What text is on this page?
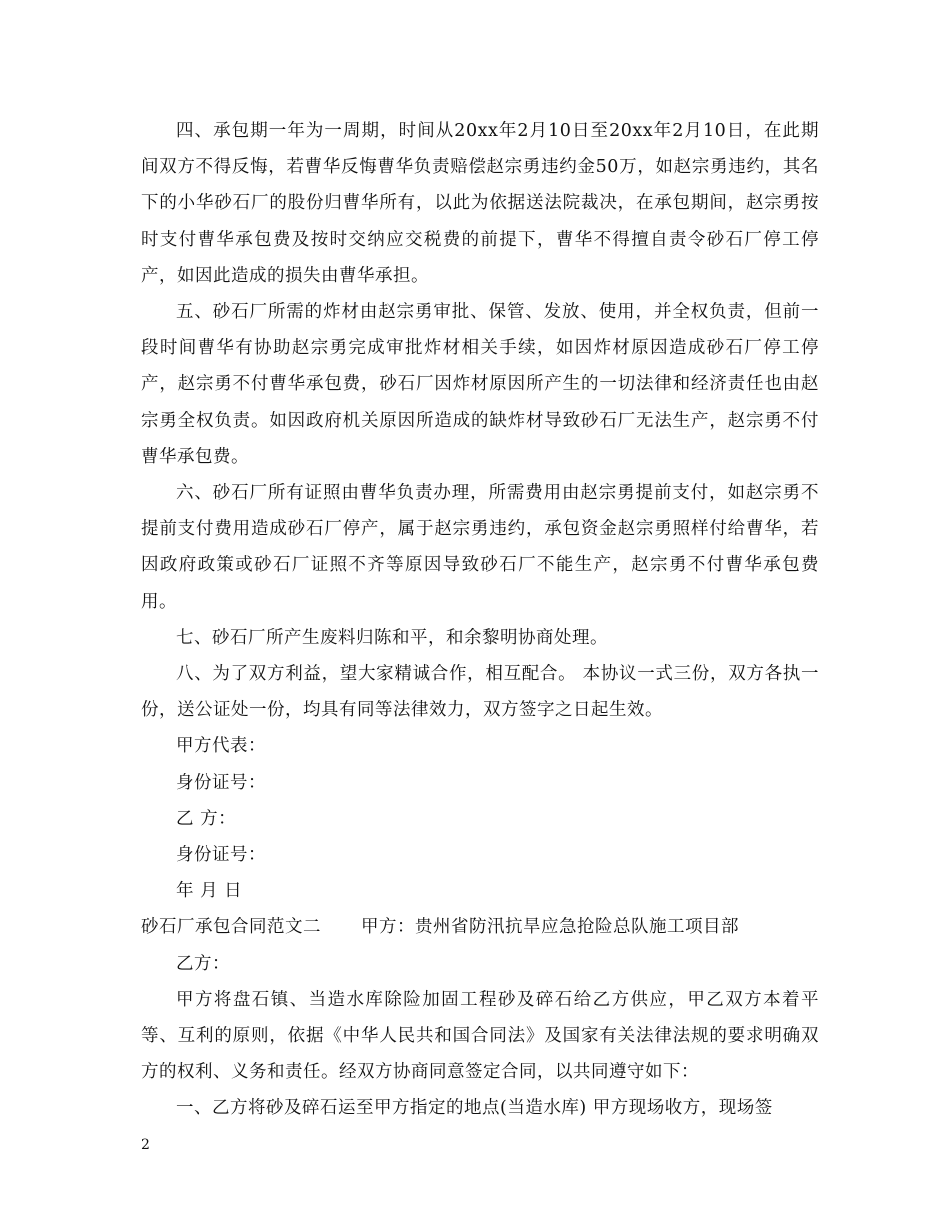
四、承包期一年为一周期，时间从20xx年2月10日至20xx年2月10日，在此期间双方不得反悔，若曹华反悔曹华负责赔偿赵宗勇违约金50万，如赵宗勇违约，其名下的小华砂石厂的股份归曹华所有，以此为依据送法院裁决，在承包期间，赵宗勇按时支付曹华承包费及按时交纳应交税费的前提下，曹华不得擅自责令砂石厂停工停产，如因此造成的损失由曹华承担。

五、砂石厂所需的炸材由赵宗勇审批、保管、发放、使用，并全权负责，但前一段时间曹华有协助赵宗勇完成审批炸材相关手续，如因炸材原因造成砂石厂停工停产，赵宗勇不付曹华承包费，砂石厂因炸材原因所产生的一切法律和经济责任也由赵宗勇全权负责。如因政府机关原因所造成的缺炸材导致砂石厂无法生产，赵宗勇不付曹华承包费。

六、砂石厂所有证照由曹华负责办理，所需费用由赵宗勇提前支付，如赵宗勇不提前支付费用造成砂石厂停产，属于赵宗勇违约，承包资金赵宗勇照样付给曹华，若因政府政策或砂石厂证照不齐等原因导致砂石厂不能生产，赵宗勇不付曹华承包费用。

七、砂石厂所产生废料归陈和平，和余黎明协商处理。

八、为了双方利益，望大家精诚合作，相互配合。 本协议一式三份，双方各执一份，送公证处一份，均具有同等法律效力，双方签字之日起生效。

甲方代表：

身份证号：

乙 方：

身份证号：

年 月 日

砂石厂承包合同范文二 甲方：贵州省防汛抗旱应急抢险总队施工项目部

乙方：

甲方将盘石镇、当造水库除险加固工程砂及碎石给乙方供应，甲乙双方本着平等、互利的原则，依据《中华人民共和国合同法》及国家有关法律法规的要求明确双方的权利、义务和责任。经双方协商同意签定合同，以共同遵守如下：

一、乙方将砂及碎石运至甲方指定的地点(当造水库) 甲方现场收方，现场签

2
